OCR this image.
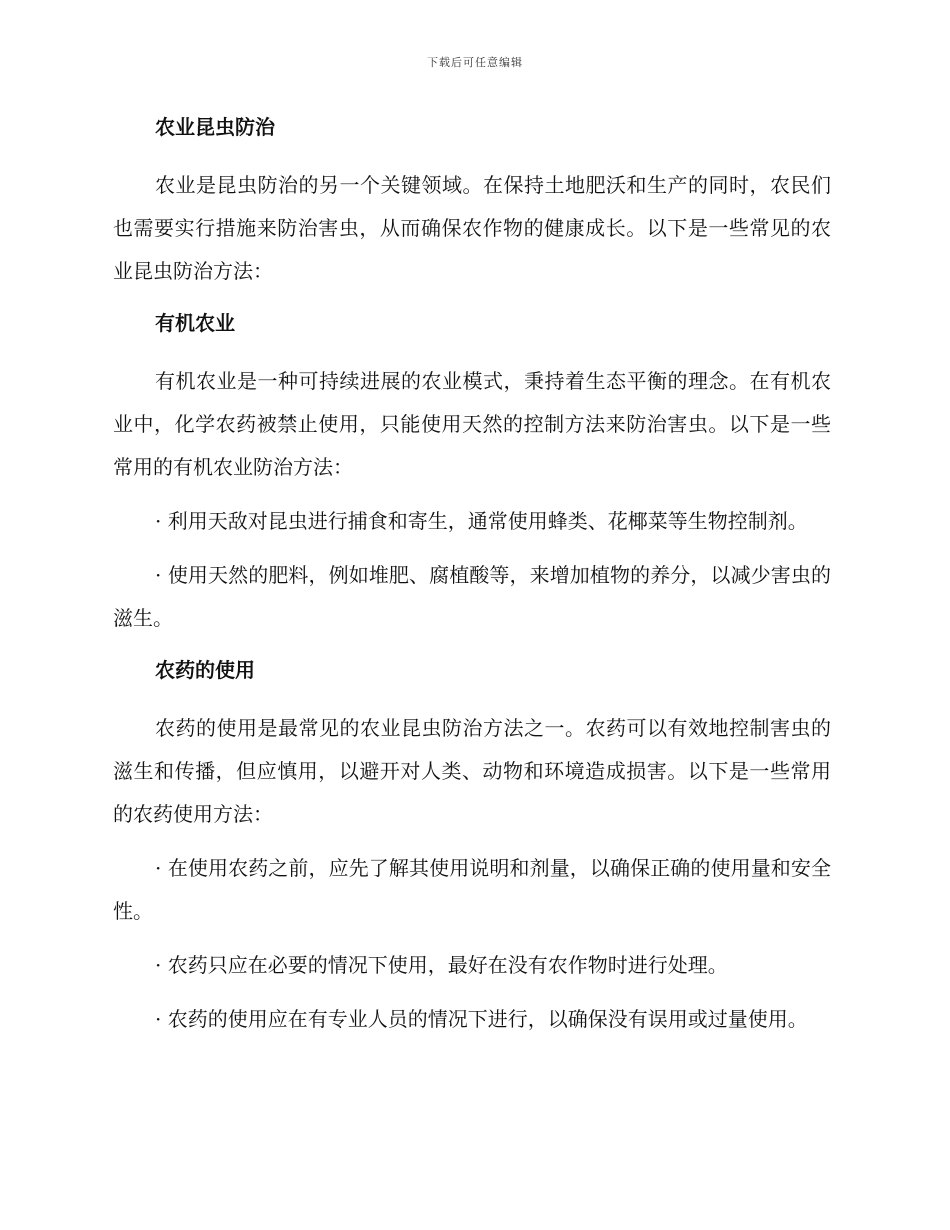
下载后可任意编辑
农业昆虫防治

农业是昆虫防治的另一个关键领域。在保持土地肥沃和生产的同时，农民们也需要实行措施来防治害虫，从而确保农作物的健康成长。以下是一些常见的农业昆虫防治方法：

有机农业

有机农业是一种可持续进展的农业模式，秉持着生态平衡的理念。在有机农业中，化学农药被禁止使用，只能使用天然的控制方法来防治害虫。以下是一些常用的有机农业防治方法：

· 利用天敌对昆虫进行捕食和寄生，通常使用蜂类、花椰菜等生物控制剂。

· 使用天然的肥料，例如堆肥、腐植酸等，来增加植物的养分，以减少害虫的滋生。

农药的使用

农药的使用是最常见的农业昆虫防治方法之一。农药可以有效地控制害虫的滋生和传播，但应慎用，以避开对人类、动物和环境造成损害。以下是一些常用的农药使用方法：

· 在使用农药之前，应先了解其使用说明和剂量，以确保正确的使用量和安全性。

· 农药只应在必要的情况下使用，最好在没有农作物时进行处理。

· 农药的使用应在有专业人员的情况下进行，以确保没有误用或过量使用。
